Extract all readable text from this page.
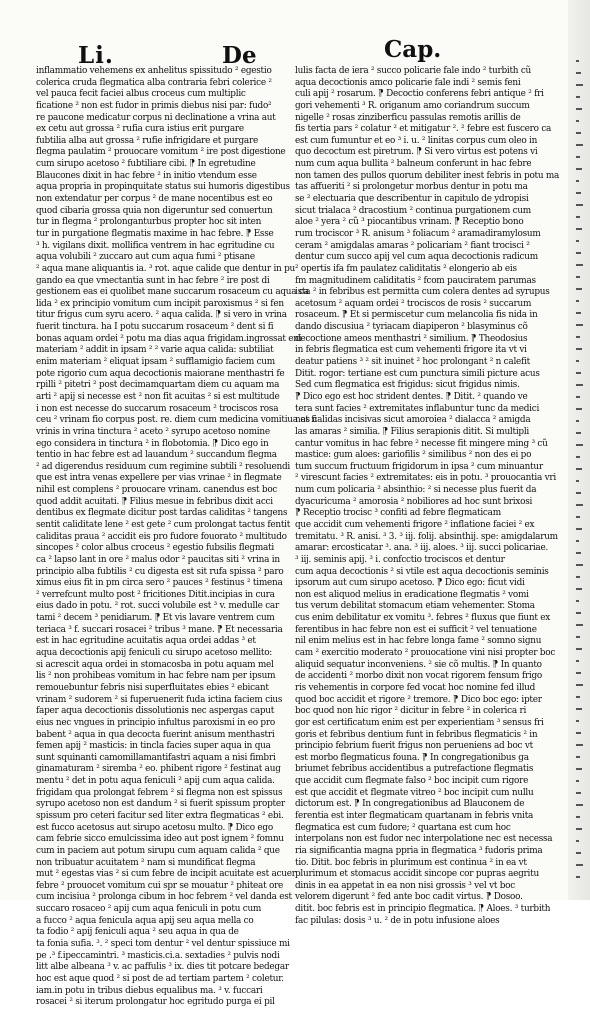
Li.	De	Cap.
inflammatio vehemens ex anhelitus spissitudo ² egestio
colerica cruda flegmatica alba contraria febri colerice ²
vel pauca fecit faciei albus croceus cum multiplic
ficatione ² non est fudor in primis diebus nisi par: fudo²
re paucone medicatur corpus ni declinatione a vrina aut
ex cetu aut grossa ² rufia cura istius erit purgare
fubtilia alba aut grossa ² rufie infrigidare et purgare
flegma paulatim ² prouocare vomitum ² ire post digestione
cum sirupo acetoso ² fubtiliare cibi. ⁋ In egretudine
Blaucones dixit in hac febre ² in initio vtendum esse
aqua propria in propinquitate status sui humoris digestibus
non extendatur per corpus ² de mane nocentibus est eo
quod cibaria grossa quia non digeruntur sed conuertun
tur in flegma ² prolonganturbus propter hoc sit inten
tur in purgatione flegmatis maxime in hac febre. ⁋ Esse
³ h. vigilans dixit. mollifica ventrem in hac egritudine cu
aqua volubili ² zuccaro aut cum aqua fumi ² ptisane
² aqua mane aliquantis ia. ³ rot. aque calide que dentur in pu
gando ea que vmectantia sunt in hac febre ² ire post di
gestionem eas ei quolibet mane succarum rosaceum cu aqua ca
lida ² ex principio vomitum cum incipit paroxismus ² si fen
titur frigus cum syru acero. ² aqua calida. ⁋ si vero in vrina
fuerit tinctura. ha I potu succarum rosaceum ² dent si fi
bonas aquam ordei ² potu ma dias aqua frigidam.ingrossat eni
materiam ² addit in ipsam ² ² varie aqua calida: subtiliat
enim materiam ² eliquat ipsam ² sufflamigio faciem cum
pote rigorio cum aqua decoctionis maiorane menthastri fe
rpilli ² pitetri ² post decimamquartam diem cu aquam ma
arti ² apij si necesse est ² non fit acuitas ² si est multitude
i non est necesse do succarum rosaceum ² trociscos rosa
ceu ² vrinam fio corpus post. re. diem cum medicina vomitiua et fi
vrinis in vrina tinctura ² aceto ² syrupo acetoso nomine
ego considera in tinctura ² in flobotomia. ⁋ Dico ego in
tentio in hac febre est ad lauandum ² succandum flegma
² ad digerendus residuum cum regimine subtili ² resoluendi
que est intra venas expellere per vias vrinae ² in flegmate
nihil est complens ² prouocare vrinam. canendus est boc
quod addit acuitati. ⁋ Filius mesue in febribus dixit acci
dentibus ex flegmate dicitur post tardas caliditas ² tangens
sentit caliditate lene ² est gete ² cum prolongat tactus fentit
caliditas praua ² accidit eis pro fudore fouorato ² multitudo
sincopes ² color albus croceus ² egestio fubsilis flegmati
ca ² lapso lant in ore ² malus odor ² paucitas siti ² vrina in
principio alba fubtilis ² cu digesta est sit rufa spissa ² paro
ximus eius fit in pm circa sero ² pauces ² festinus ² timena
² verrefcunt multo post ² fricitiones Ditit.incipias in cura
eius dado in potu. ² rot. succi volubile est ³ v. medulle car
tami ² decem ³ penidiarum. ⁋ Et vis lavare ventrem cum
teriaca ³ f. succari rosacei ² tribus ³ mane. ⁋ Et necessaria
est in hac egritudine acuitatis aqua ordei addas ³ et
aqua decoctionis apij feniculi cu sirupo acetoso mellito:
si acrescit aqua ordei in stomacosba in potu aquam mel
lis ² non prohibeas vomitum in hac febre nam per ipsum
remouebuntur febris nisi superfluitates ebies ² ebicant
vrinam ² sudorem ² si fuperuenerit fuda ictina faciem cius
faper aqua decoctionis dissolutionis nec aspergas caput
eius nec vngues in principio infultus paroxismi in eo pro
babent ² aqua in qua decocta fuerint anisum menthastri
femen apij ² masticis: in tincla facies super aqua in qua
sunt squinanti camomillamantifastri aquam a nisi fimbri
ginamaturam ² siremba ² eo. phibent rigore ² festinat aug
mentu ² det in potu aqua feniculi ² apij cum aqua calida.
frigidam qua prolongat febrem ² si flegma non est spissus
syrupo acetoso non est dandum ² si fuerit spissum propter
spissum pro ceteri facitur sed liter extra flegmaticas ² ebi.
est fucco acetosus aut sirupo acetosu multo. ⁋ Dico ego
cam febrie sicco emulcissima ideo aut post ignem ² fomnu
cum in paciem aut potum sirupu cum aquam calida ² que
non tribuatur acuitatem ² nam si mundificat flegma
mut ² egestas vias ² si cum febre de incipit acuitate est acuer
febre ² prouocet vomitum cui spr se mouatur ² phiteat ore
cum incisiua ² prolonga cibum in hoc febrem ² vel danda est
succaro rosaceo ² apij cum aqua feniculi in potu cum
a fucco ² aqua fenicula aqua apij seu aqua mella co
ta fodio ² apij feniculi aqua ² seu aqua in qua de
ta fonia sufia. ³. ² speci tom dentur ² vel dentur spissiuce mi
pe .³ f.ipeccamintri. ³ masticis.ci.a. sextadies ² pulvis nodi
litt albe albeana ³ v. ac paffulis ³ ix. dies tit potcare bedegar
hoc est aque quod ² si post de ad tertiam partem ² coletur.
iam.in potu in tribus diebus equalibus ma. ³ v. fuccari
rosacei ² si iterum prolongatur hoc egritudo purga ei pil
lulis facta de iera ² succo policarie fale indo ² turbith cũ
aqua decoctionis amco policarie fale indi ² semis feni
culi apij ² rosarum. ⁋ Decoctio conferens febri antique ² fri
gori vehementi ³ R. origanum amo coriandrum succum
nigelle ² rosas zinziberficu passulas remotis arillis de
fis tertia pars ² colatur ² et mitigatur ². ² febre est fuscero ca
est cum fumuntur et eo ³ i. u. ² linitas corpus cum oleo in
quo decoctum est piretrum. ⁋ Si vero virtus est potens vi
num cum aqua bullita ² balneum conferunt in hac febre
non tamen des pullos quorum debiliter inest febris in potu ma
tas affueriti ² si prolongetur morbus dentur in potu ma
se ² electuaria que describentur in capitulo de ydropisi
sicut trialaca ² dracostium ² continua purgationem cum
aloe ² yera ² cũ ³ piocantibus vrinam. ⁋ Receptio bono
rum trociscor ³ R. anisum ³ foliacum ² aramadiramylosum
ceram ² amigdalas amaras ² policariam ² fiant trocisci ²
dentur cum succo apij vel cum aqua decoctionis radicum
² opertis ifa fm paulatez caliditatis ² elongerio ab eis
fm magnitudinem caliditatis ² fcom pauciratem parumas
ista ² in febribus est permitta cum colera dentes ad syrupus
acetosum ² aquam ordei ² trociscos de rosis ² succarum
rosaceum. ⁋ Et si permiscetur cum melancolia fis nida in
dando discusiua ² tyriacam diapiperon ² blasyminus cõ
decoctione ameos menthastri ² similium. ⁋ Theodosius
in febris flegmatica est cum vehementi frigore ita vt vi
deatur patiens ³ ² sit inuinet ² hoc prolongant ² n calefit
Ditit. rogor: tertiane est cum punctura simili picture acus
Sed cum flegmatica est frigidus: sicut frigidus nimis.
⁋ Dico ego est hoc strident dentes. ⁋ Ditit. ² quando ve
tera sunt facies ² extremitates inflabuntur tunc da medici
nas calidas incisivas sicut amoroiea ² dialacca ² amigda
las amaras ² similia. ⁋ Filius serapionis ditit. Si multipli
cantur vomitus in hac febre ² necesse fit mingere ming ³ cũ
mastice: gum aloes: gariofilis ² similibus ² non des ei po
tum succum fructuum frigidorum in ipsa ² cum minuantur
² virescunt facies ² extremitates: eis in potu. ³ prouocantia vri
num cum policaria ² absinthio: ² si necesse plus fuerit da
dyacuricuma ² amorosia ² nobiliores ad hoc sunt brixosi
⁋ Receptio trocisc ³ confiti ad febre flegmaticam
que accidit cum vehementi frigore ² inflatione faciei ² ex
tremitatu. ³ R. anisi. ³ 3. ³ iij. folij. absinthij. spe: amigdalarum
amarar: ercosticatar ³. ana. ³ iij. aloes. ³ iij. succi policariae.
³ iij. seminis apij. ³ i. confcctio trociscos et dentur
cum aqua decoctionis ² si vtile est aqua decoctionis seminis
ipsorum aut cum sirupo acetoso. ⁋ Dico ego: ficut vidi
non est aliquod melius in eradicatione flegmatis ² vomi
tus verum debilitat stomacum etiam vehementer. Stoma
cus enim debilitatur ex vomitu ³. febres ² fluxus que fiunt ex
ferentibus in hac febre non est ei sufficit ² vel tenuatione
nil enim melius est in hac febre longa fame ² somno signu
cam ² exercitio moderato ² prouocatione vini nisi propter boc
aliquid sequatur inconveniens. ² sie cõ multis. ⁋ In quanto
de accidenti ² morbo dixit non vocat rigorem fensum frigo
ris vehementis in corpore fed vocat hoc nomine fed illud
quod boc accidit et rigore ² tremore. ⁋ Dico boc ego: ipter
boc quod non hic rigor ² dicitur in febre ² in colerica ri
gor est certificatum enim est per experientiam ³ sensus fri
goris et febribus dentium funt in febribus flegmaticis ² in
principio febrium fuerit frigus non perueniens ad boc vt
est morbo flegmaticus founa. ⁋ In congregationibus ga
briumet febribus accidentibus a putrefactione flegmatis
que accidit cum flegmate falso ² boc incipit cum rigore
est que accidit et flegmate vitreo ² boc incipit cum nullu
dictorum est. ⁋ In congregationibus ad Blauconem de
ferentia est inter flegmaticam quartanam in febris vnita
flegmatica est cum fudore; ² quartana est cum hoc
interpolans non est fudor nec interpolatione nec est necessa
ria significantia magna ppria in flegmatica ³ fudoris prima
tio. Ditit. boc febris in plurimum est continua ² in ea vt
plurimum et stomacus accidit sincope cor pupras aegritu
dinis in ea appetat in ea non nisi grossis ³ vel vt boc
velorem digerunt ² fed ante boc cadit virtus. ⁋ Dosoo.
ditit. boc febris est in principio flegmatica. ⁋ Aloes. ³ turbith
fac pilulas: dosis ³ u. ² de in potu infusione aloes
